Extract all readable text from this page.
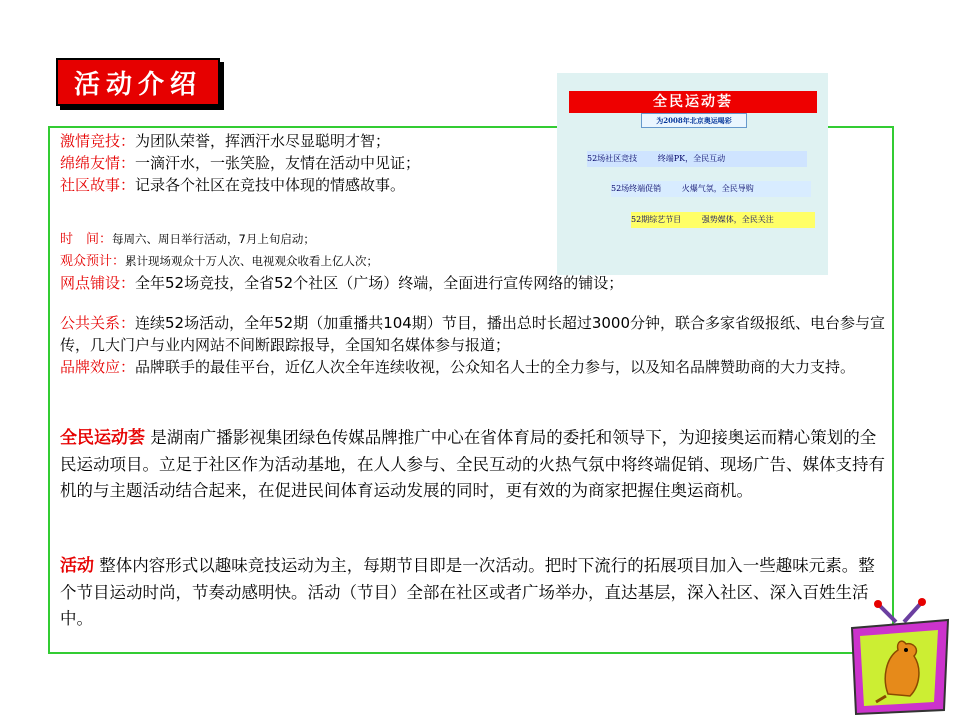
活动介绍
全民运动荟
为2008年北京奥运喝彩
52场社区竞技	终端PK，全民互动
52场终端促销	火爆气氛，全民导购
52期综艺节目	强势媒体，全民关注
激情竞技：为团队荣誉，挥洒汗水尽显聪明才智；
绵绵友情：一滴汗水，一张笑脸，友情在活动中见证；
社区故事：记录各个社区在竞技中体现的情感故事。
时　间：每周六、周日举行活动，7月上旬启动；
观众预计：累计现场观众十万人次、电视观众收看上亿人次；
网点铺设：全年52场竞技，全省52个社区（广场）终端，全面进行宣传网络的铺设；
公共关系：连续52场活动，全年52期（加重播共104期）节目，播出总时长超过3000分钟，联合多家省级报纸、电台参与宣传，几大门户与业内网站不间断跟踪报导，全国知名媒体参与报道；
品牌效应：品牌联手的最佳平台，近亿人次全年连续收视，公众知名人士的全力参与，以及知名品牌赞助商的大力支持。
全民运动荟 是湖南广播影视集团绿色传媒品牌推广中心在省体育局的委托和领导下，为迎接奥运而精心策划的全民运动项目。立足于社区作为活动基地，在人人参与、全民互动的火热气氛中将终端促销、现场广告、媒体支持有机的与主题活动结合起来，在促进民间体育运动发展的同时，更有效的为商家把握住奥运商机。
活动 整体内容形式以趣味竞技运动为主，每期节目即是一次活动。把时下流行的拓展项目加入一些趣味元素。整个节目运动时尚，节奏动感明快。活动（节目）全部在社区或者广场举办，直达基层，深入社区、深入百姓生活中。
